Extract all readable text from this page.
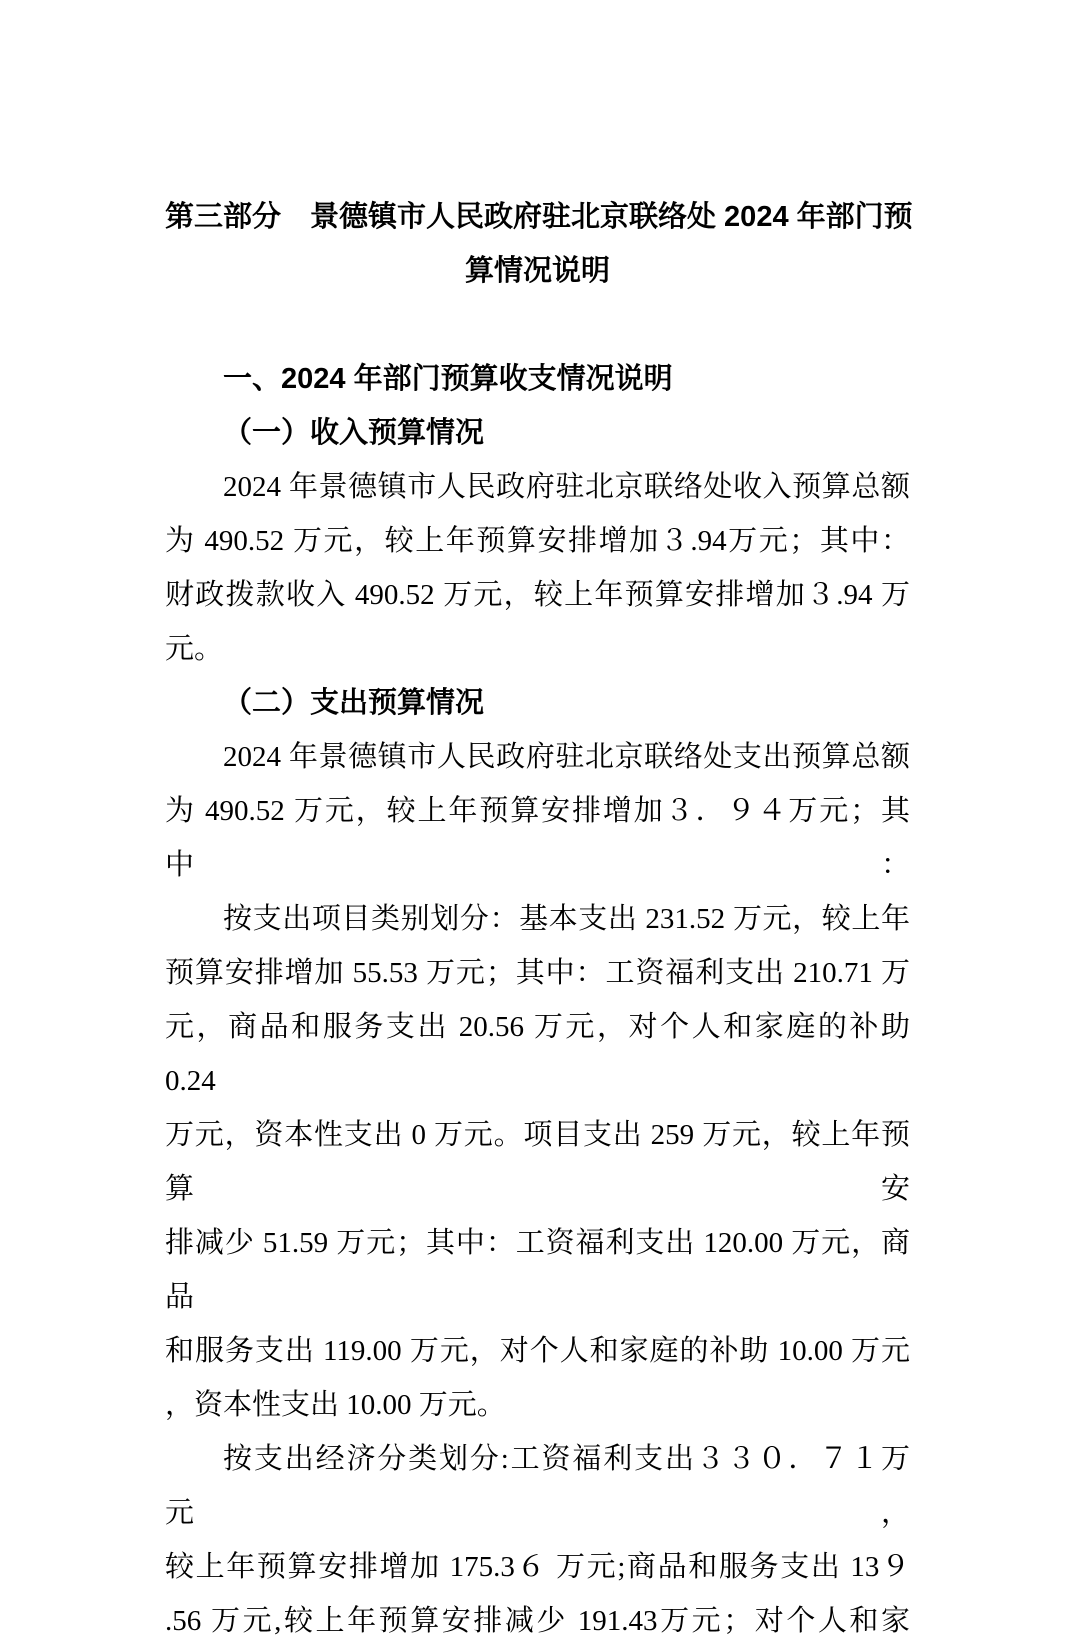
第三部分　景德镇市人民政府驻北京联络处 2024 年部门预
算情况说明
一、2024 年部门预算收支情况说明
（一）收入预算情况
2024 年景德镇市人民政府驻北京联络处收入预算总额
为 490.52 万元，较上年预算安排增加３.94万元；其中：
财政拨款收入 490.52 万元，较上年预算安排增加３.94 万
元。
（二）支出预算情况
2024 年景德镇市人民政府驻北京联络处支出预算总额
为 490.52 万元，较上年预算安排增加３．９４万元；其中：
按支出项目类别划分：基本支出 231.52 万元，较上年
预算安排增加 55.53 万元；其中：工资福利支出 210.71 万
元，商品和服务支出 20.56 万元，对个人和家庭的补助 0.24
万元，资本性支出 0 万元。项目支出 259 万元，较上年预算安
排减少 51.59 万元；其中：工资福利支出 120.00 万元，商品
和服务支出 119.00 万元，对个人和家庭的补助 10.00 万元
，资本性支出 10.00 万元。
按支出经济分类划分:工资福利支出３３０．７１万元，
较上年预算安排增加 175.3６ 万元;商品和服务支出 13９
.56 万元,较上年预算安排减少 191.43万元；对个人和家
